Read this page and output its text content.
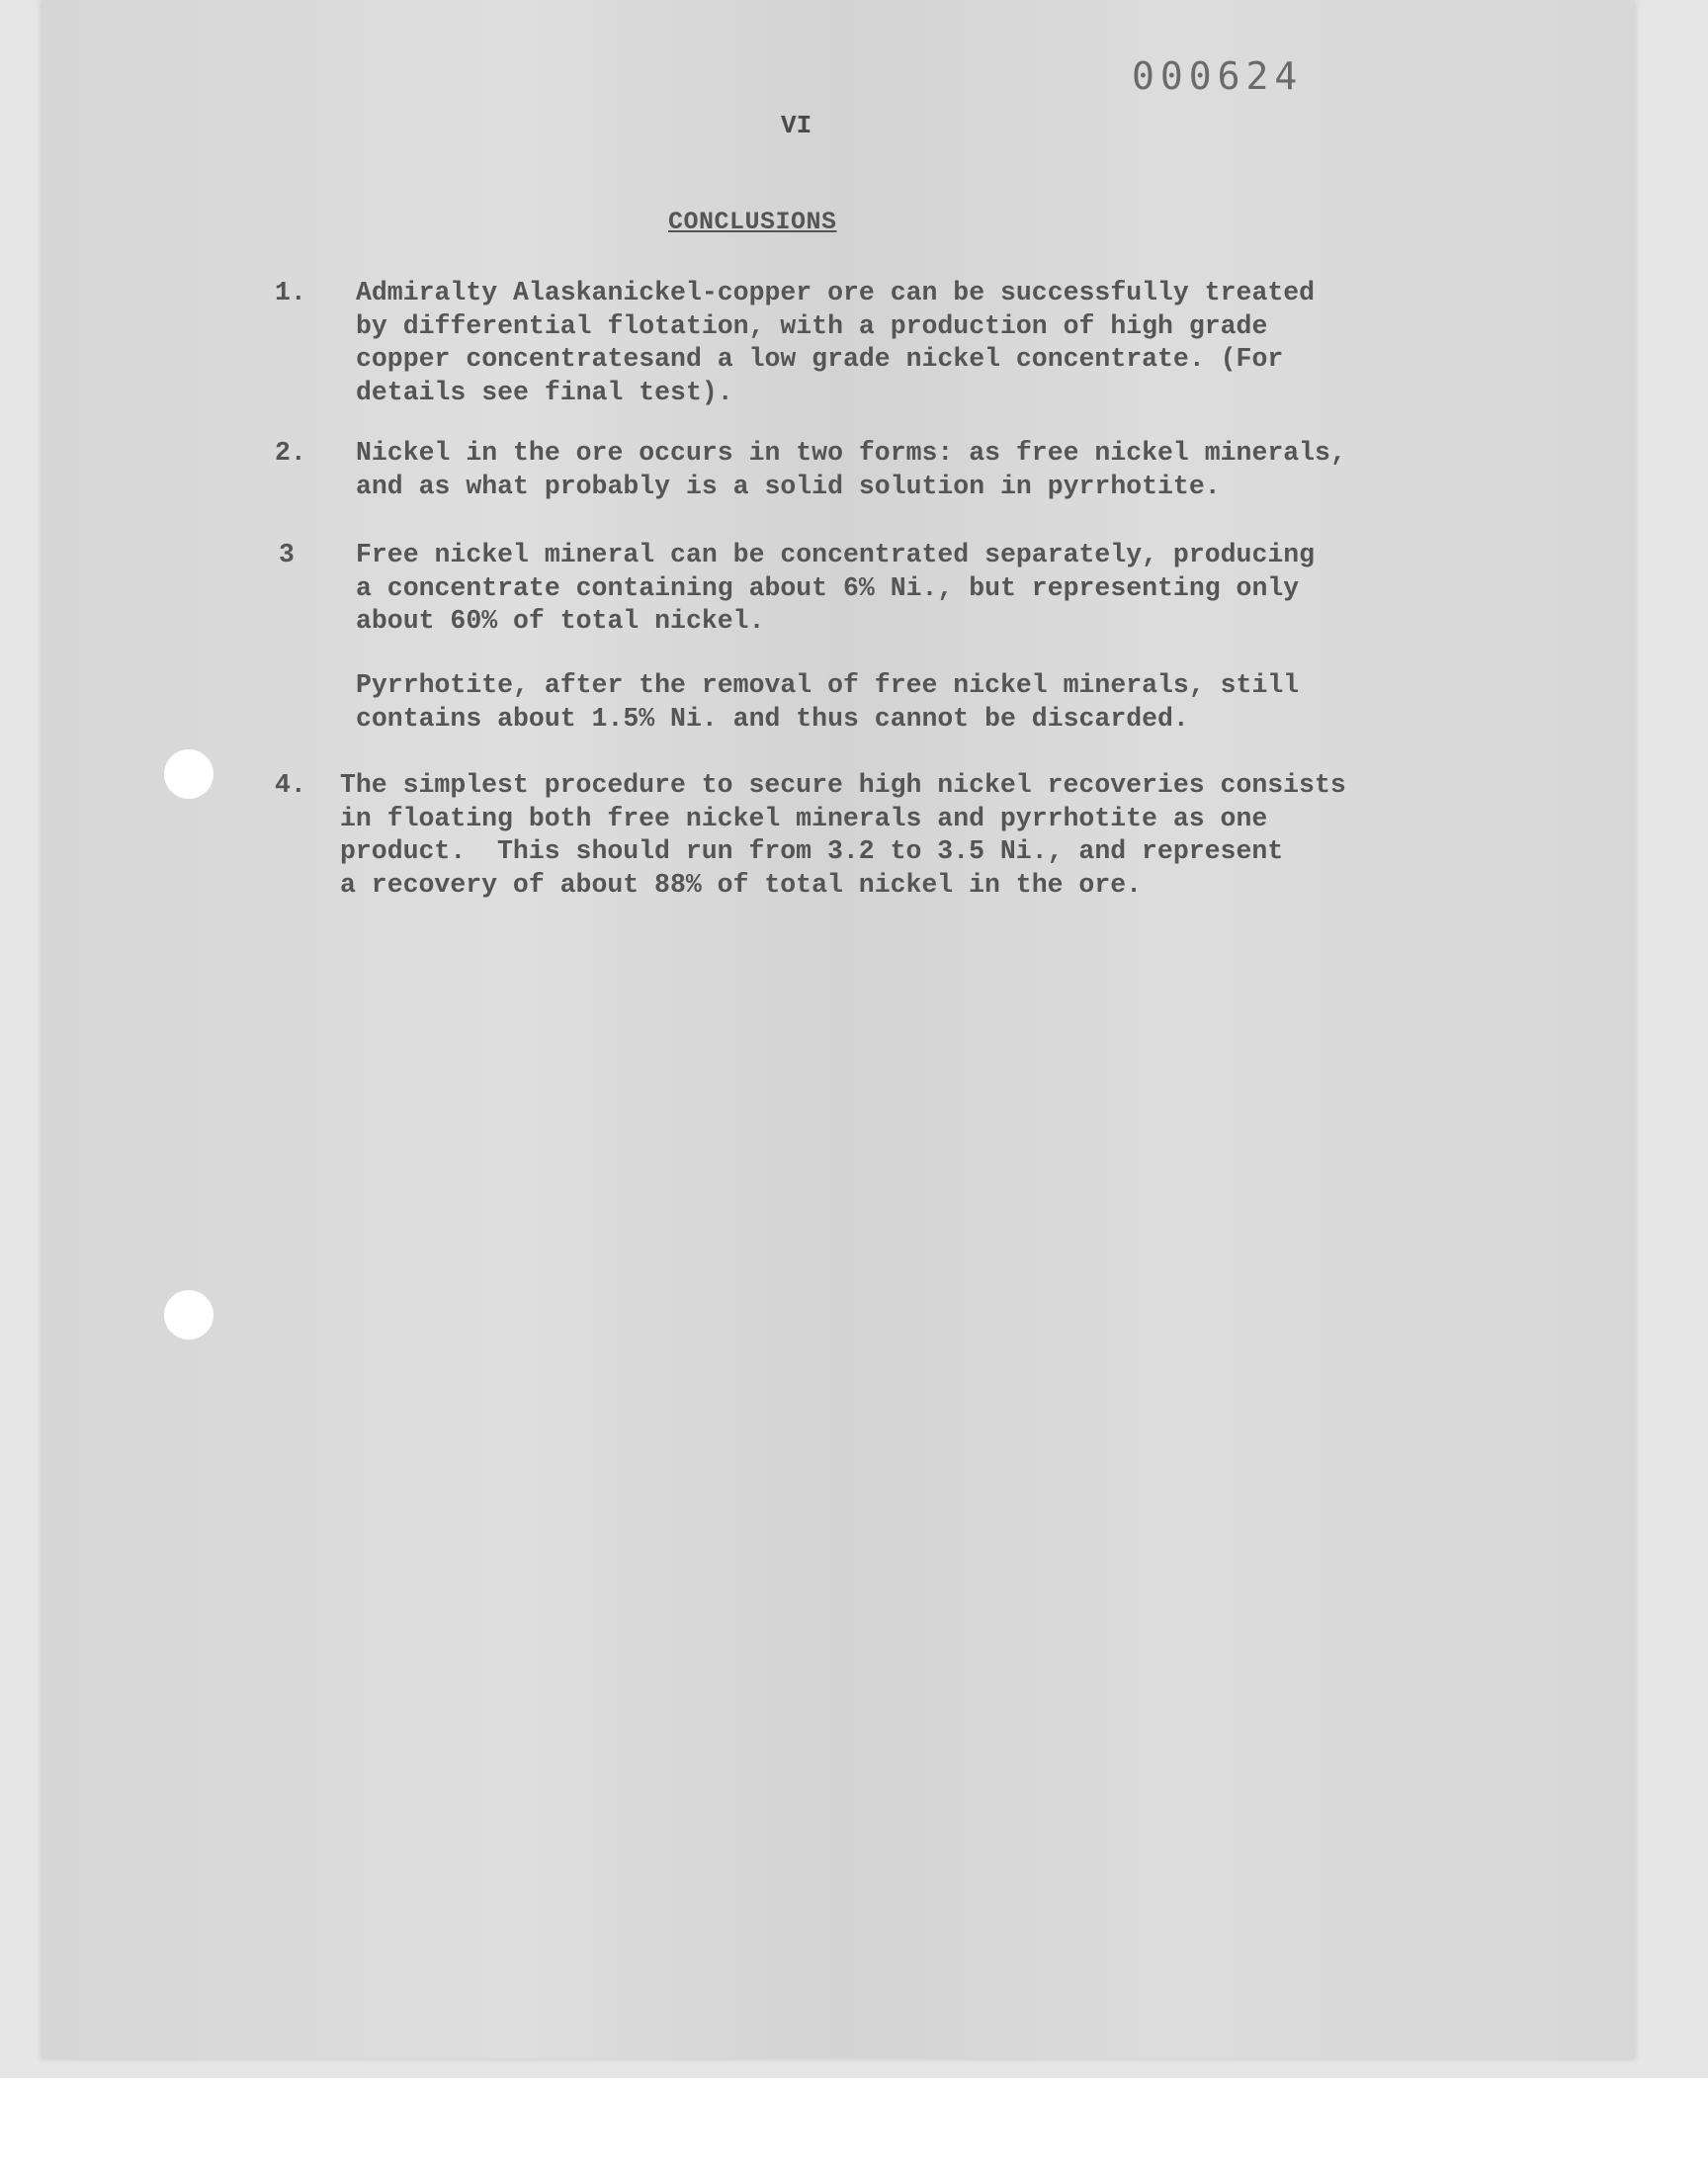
000624
VI
CONCLUSIONS
1.	Admiralty Alaskanickel-copper ore can be successfully treated
by differential flotation, with a production of high grade
copper concentratesand a low grade nickel concentrate. (For
details see final test).
2.	Nickel in the ore occurs in two forms: as free nickel minerals,
and as what probably is a solid solution in pyrrhotite.
3	Free nickel mineral can be concentrated separately, producing
a concentrate containing about 6% Ni., but representing only
about 60% of total nickel.
Pyrrhotite, after the removal of free nickel minerals, still
contains about 1.5% Ni. and thus cannot be discarded.
4.	The simplest procedure to secure high nickel recoveries consists
in floating both free nickel minerals and pyrrhotite as one
product.  This should run from 3.2 to 3.5 Ni., and represent
a recovery of about 88% of total nickel in the ore.
